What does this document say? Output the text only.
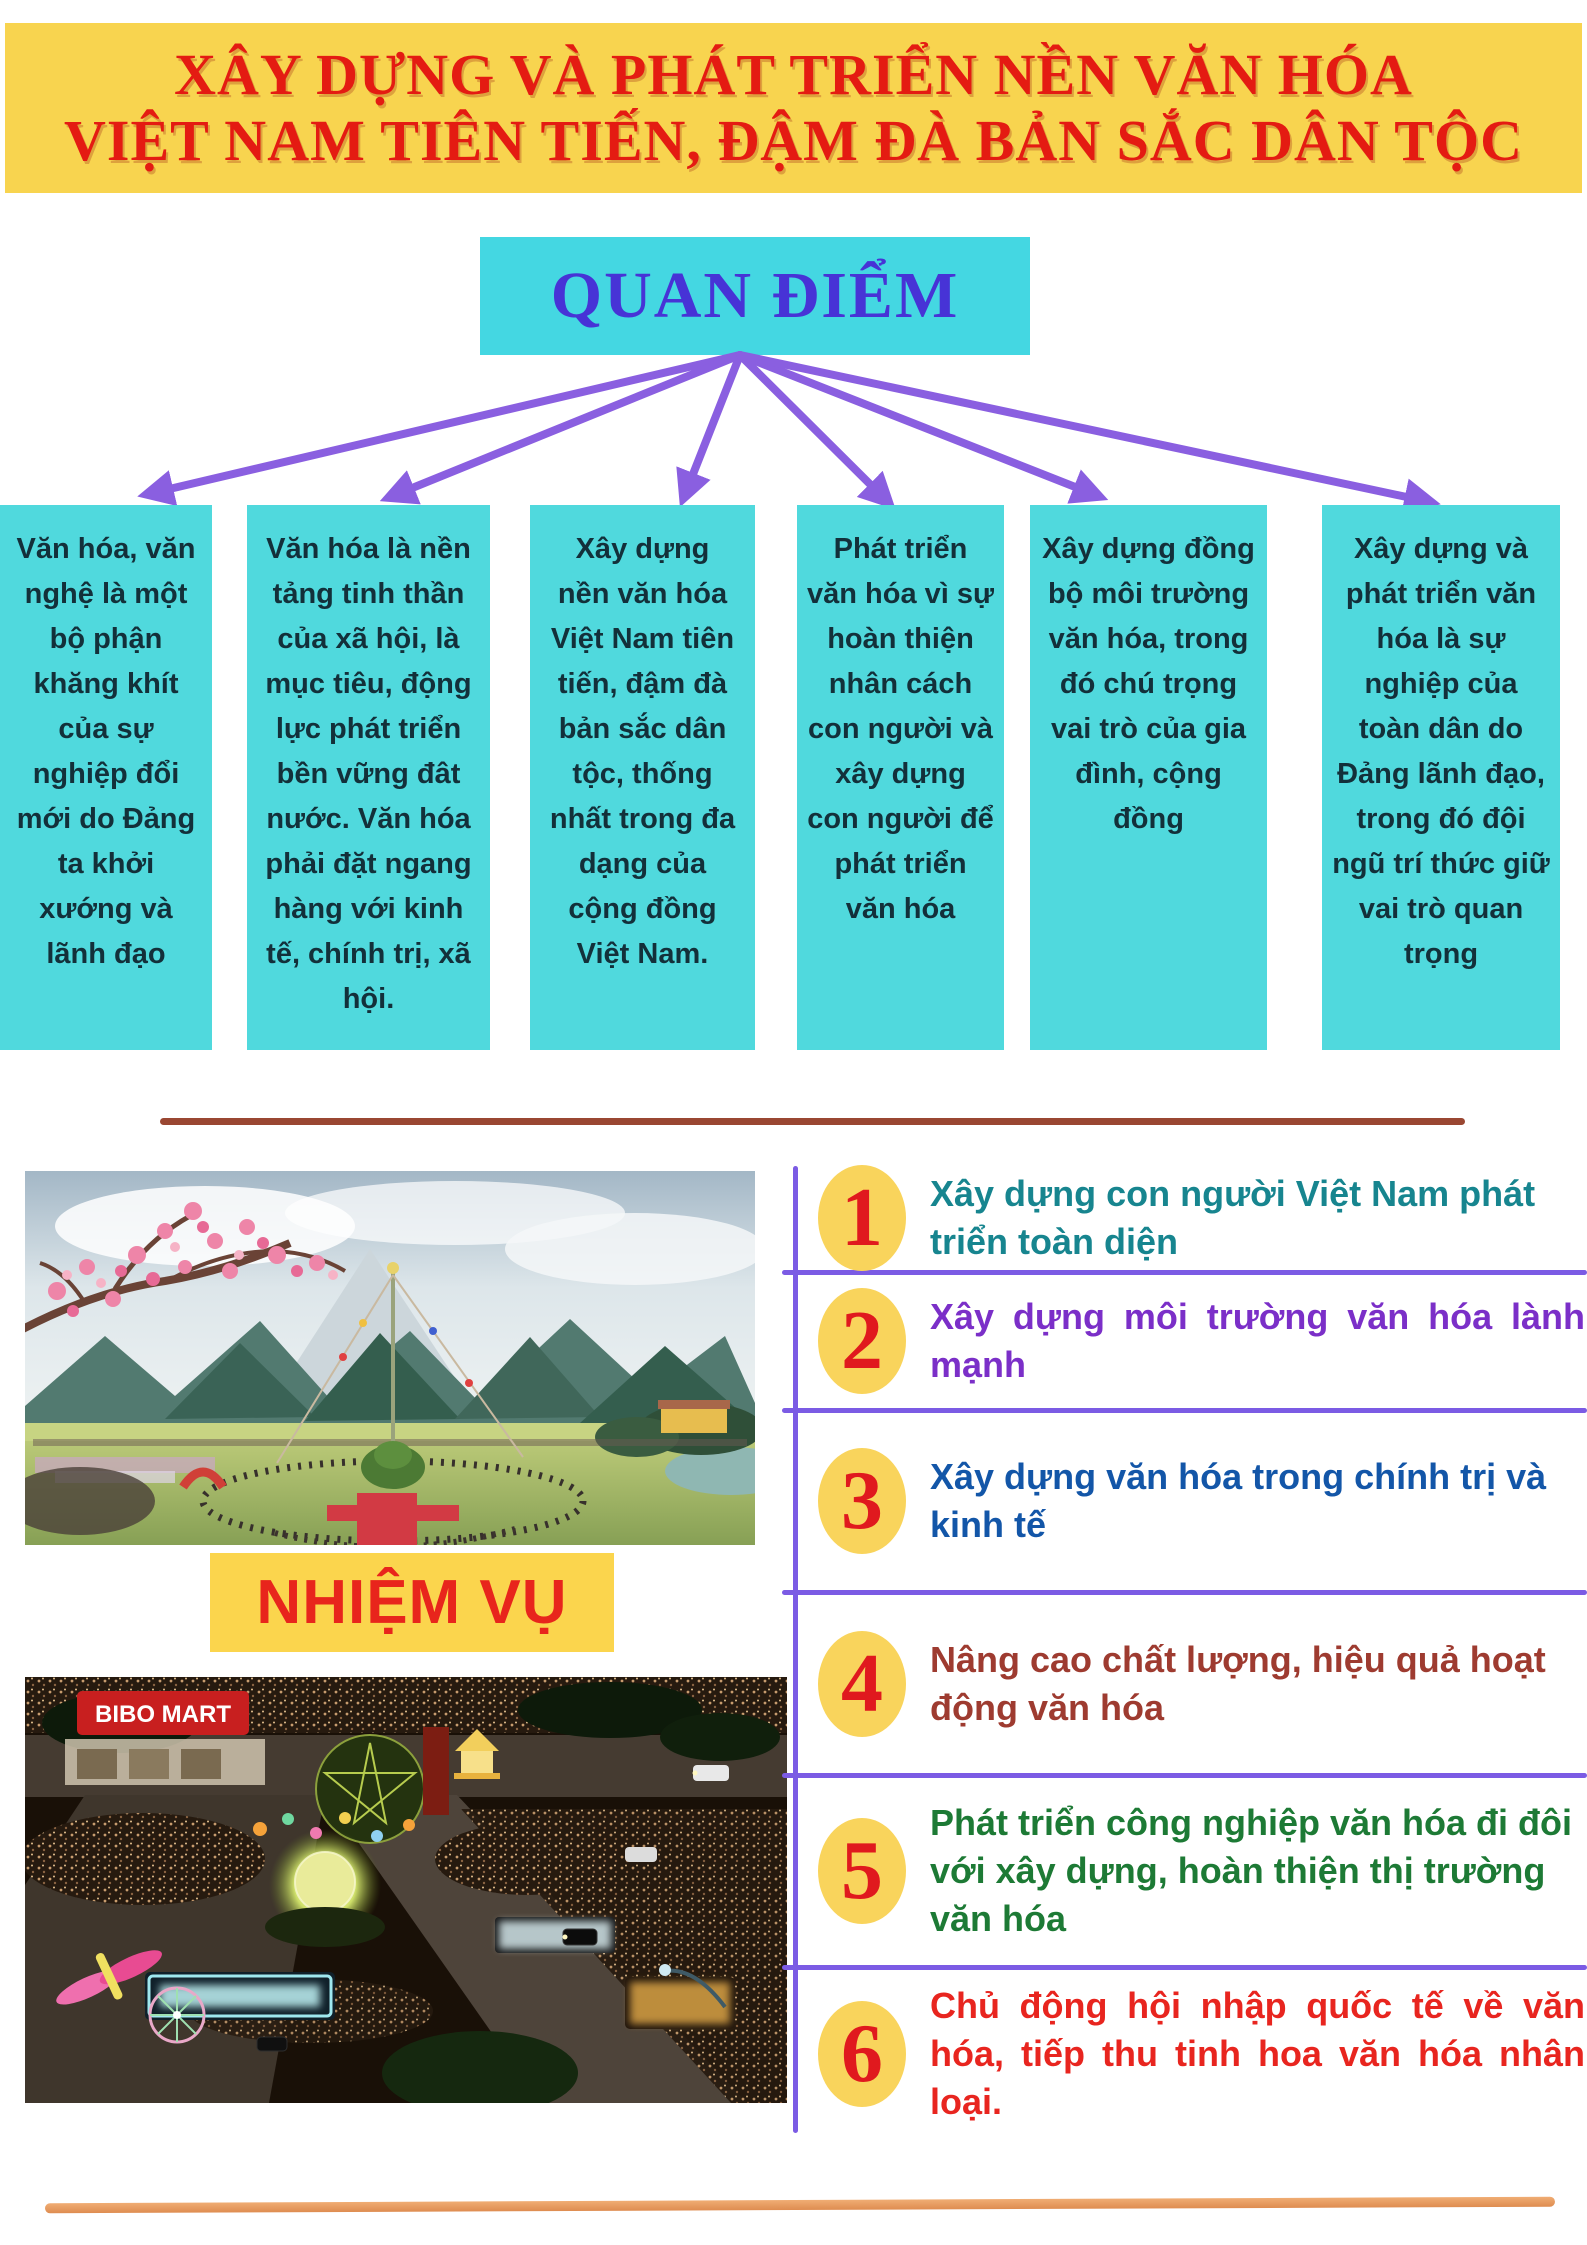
XÂY DỰNG VÀ PHÁT TRIỂN NỀN VĂN HÓA
VIỆT NAM TIÊN TIẾN, ĐẬM ĐÀ BẢN SẮC DÂN TỘC
QUAN ĐIỂM
Văn hóa, văn nghệ là một bộ phận khăng khít của sự nghiệp đổi mới do Đảng ta khởi xướng và lãnh đạo
Văn hóa là nền tảng tinh thần của xã hội, là mục tiêu, động lực phát triển bền vững đât nước. Văn hóa phải đặt ngang hàng với kinh tế, chính trị, xã hội.
Xây dựng nền văn hóa Việt Nam tiên tiến, đậm đà bản sắc dân tộc, thống nhất trong đa dạng của cộng đồng Việt Nam.
Phát triển văn hóa vì sự hoàn thiện nhân cách con người và xây dựng con người để phát triển văn hóa
Xây dựng đồng bộ môi trường văn hóa, trong đó chú trọng vai trò của gia đình, cộng đồng
Xây dựng và phát triển văn hóa là sự nghiệp của toàn dân do Đảng lãnh đạo, trong đó đội ngũ trí thức giữ vai trò quan trọng
NHIỆM VỤ
BIBO MART
1 Xây dựng con người Việt Nam phát triển toàn diện

2 Xây dựng môi trường văn hóa lành mạnh

3 Xây dựng văn hóa trong chính trị và kinh tế

4 Nâng cao chất lượng, hiệu quả hoạt động văn hóa

5

Phát triển công nghiệp văn hóa đi đôi với xây dựng, hoàn thiện thị trường văn hóa

6

Chủ động hội nhập quốc tế về văn hóa, tiếp thu tinh hoa văn hóa nhân loại.
